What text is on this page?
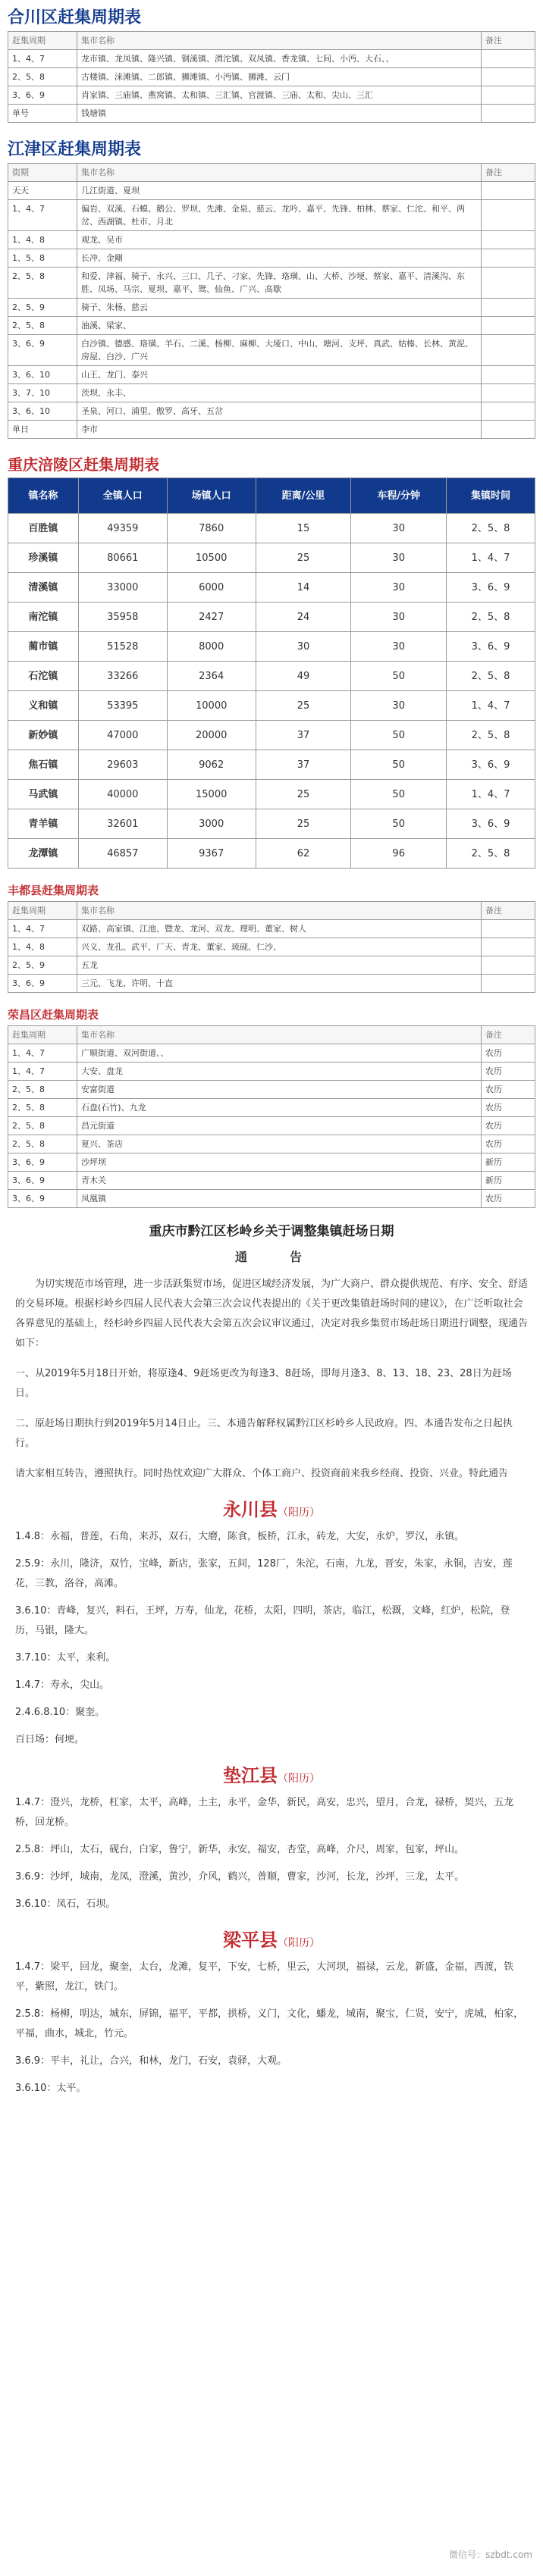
合川区赶集周期表
赶集周期	集市名称	备注
1、4、7	龙市镇、龙凤镇、隆兴镇、铜溪镇、渭沱镇、双凤镇、香龙镇、七间、小沔、大石、、	
2、5、8	古楼镇、涞滩镇、二郎镇、狮滩镇、小沔镇、狮滩、云门	
3、6、9	肖家镇、三庙镇、燕窝镇、太和镇、三汇镇、官渡镇、三庙、太和、尖山、三汇	
单号	钱塘镇	
江津区赶集周期表
街期	集市名称	备注
天天	几江街道、夏坝	
1、4、7	偏岩、双溪、石蟆、鹅公、罗坝、先滩、金泉、慈云、龙吟、嘉平、先锋、柏林、蔡家、仁沱、和平、两岔、西湖镇、杜市、月北	
1、4、8	观龙、吴市	
1、5、8	长冲、金剛	
2、5、8	和爱、津福、骑子、永兴、三口、几子、刁家、先锋、珞璜、山、大桥、沙埂、蔡家、嘉平、清溪沟、东胜、凤场、马宗、夏坝、嘉平、鸳、仙鱼、广兴、高歇	
2、5、9	骑子、朱杨、慈云	
2、5、8	油溪、梁家、	
3、6、9	白沙镇、德感、珞璜、羊石、二溪、杨柳、麻柳、大垭口、中山、塘河、支坪、真武、姑榛、长林、黄泥、房屋、白沙、广兴	
3、6、10	山王、龙门、泰兴	
3、7、10	茨坝、永丰、	
3、6、10	圣泉、河口、浦里、傲罗、高牙、五岔	
单日	李市	
重庆涪陵区赶集周期表
镇名称	全镇人口	场镇人口	距离/公里	车程/分钟	集镇时间
百胜镇	49359	7860	15	30	2、5、8
珍溪镇	80661	10500	25	30	1、4、7
清溪镇	33000	6000	14	30	3、6、9
南沱镇	35958	2427	24	30	2、5、8
蔺市镇	51528	8000	30	30	3、6、9
石沱镇	33266	2364	49	50	2、5、8
义和镇	53395	10000	25	30	1、4、7
新妙镇	47000	20000	37	50	2、5、8
焦石镇	29603	9062	37	50	3、6、9
马武镇	40000	15000	25	50	1、4、7
青羊镇	32601	3000	25	50	3、6、9
龙潭镇	46857	9367	62	96	2、5、8
丰都县赶集周期表
赶集周期	集市名称	备注
1、4、7	双路、高家镇、江池、暨龙、龙河、双龙、理明、董家、树人	
1、4、8	兴义、龙孔、武平、厂天、青龙、董家、琉砚、仁沙、	
2、5、9	五龙	
3、6、9	三元、飞龙、许明、十直	
荣昌区赶集周期表
赶集周期	集市名称	备注
1、4、7	广顺街道、双河街道、、	农历
1、4、7	大安、盘龙	农历
2、5、8	安富街道	农历
2、5、8	石盘(石竹)、九龙	农历
2、5、8	昌元街道	农历
2、5、8	夏兴、茶店	农历
3、6、9	沙坪坝	新历
3、6、9	青木关	新历
3、6、9	凤凰镇	农历
重庆市黔江区杉岭乡关于调整集镇赶场日期
通　　告

为切实规范市场管理，进一步活跃集贸市场，促进区域经济发展，为广大商户、群众提供规范、有序、安全、舒适的交易环境。根据杉岭乡四届人民代表大会第三次会议代表提出的《关于更改集镇赶场时间的建议》，在广泛听取社会各界意见的基础上，经杉岭乡四届人民代表大会第五次会议审议通过，决定对我乡集贸市场赶场日期进行调整，现通告如下：

一、从2019年5月18日开始，将原逢4、9赶场更改为每逢3、8赶场，即每月逢3、8、13、18、23、28日为赶场日。

二、原赶场日期执行到2019年5月14日止。三、本通告解释权属黔江区杉岭乡人民政府。四、本通告发布之日起执行。

请大家相互转告，遵照执行。同时热忱欢迎广大群众、个体工商户、投资商前来我乡经商、投资、兴业。特此通告

永川县（阳历）
1.4.8：永福，普莲，石角，来苏，双石，大磨，陈食，板桥，江永，砖龙，大安，永炉，罗汉，永镇。
2.5.9：永川，隆济，双竹，宝峰，新店，张家，五间，128厂，朱沱，石南，九龙，晋安，朱家，永铜，吉安，莲花，三教，洛谷，高滩。
3.6.10：青峰，复兴，料石，王坪，万寿，仙龙，花桥，太阳，四明，茶店，临江，松溉，文峰，红炉，松院，登历，马银，隆大。
3.7.10：太平，来利。
1.4.7：寿永，尖山。
2.4.6.8.10：聚奎。
百日场：何埂。
垫江县（阳历）
1.4.7：澄兴，龙桥，杠家，太平，高峰，土主，永平，金华，新民，高安，忠兴，望月，合龙，禄桥，契兴，五龙桥，回龙桥。
2.5.8：坪山，太石，砚台，白家，鲁宁，新华，永安，福安，杏堂，高峰，介尺，周家，包家，坪山。
3.6.9：沙坪，城南，龙凤，澄溪，黄沙，介风，鹤兴，普顺，曹家，沙河，长龙，沙坪，三龙，太平。
3.6.10：凤石，石坝。
梁平县（阳历）
1.4.7：梁平，回龙，聚奎，太台，龙滩，复平，下安，七桥，里云，大河坝，福禄，云龙，新盛，金福，西渡，铁平，紫照，龙江，铁门。
2.5.8：杨柳，明达，城东，屏锦，福平，平都，拱桥，义门，文化，蟠龙，城南，聚宝，仁贤，安宁，虎城，柏家，平福，曲水，城北，竹元。
3.6.9：平丰，礼让，合兴，和林，龙门，石安，袁驿，大观。
3.6.10：太平。
微信号：szbdt.com
